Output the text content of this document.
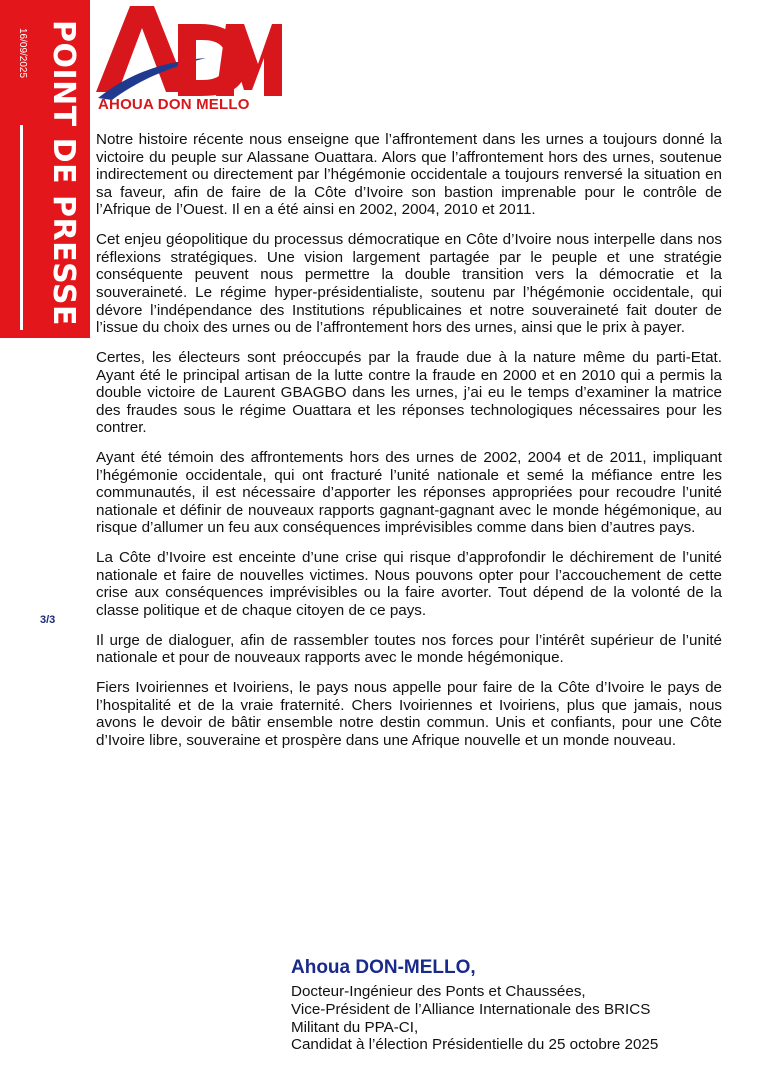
16/09/2025 POINT DE PRESSE
3/3
AHOUA DON MELLO

Notre histoire récente nous enseigne que l’affrontement dans les urnes a toujours donné la victoire du peuple sur Alassane Ouattara. Alors que l’affrontement hors des urnes, soutenue indirectement ou directement par l’hégémonie occidentale a toujours renversé la situation en sa faveur, afin de faire de la Côte d’Ivoire son bastion imprenable pour le contrôle de l’Afrique de l’Ouest. Il en a été ainsi en 2002, 2004, 2010 et 2011.

Cet enjeu géopolitique du processus démocratique en Côte d’Ivoire nous interpelle dans nos réflexions stratégiques. Une vision largement partagée par le peuple et une stratégie conséquente peuvent nous permettre la double transition vers la démocratie et la souveraineté. Le régime hyper-présidentialiste, soutenu par l’hégémonie occidentale, qui dévore l’indépendance des Institutions républicaines et notre souveraineté fait douter de l’issue du choix des urnes ou de l’affrontement hors des urnes, ainsi que le prix à payer.

Certes, les électeurs sont préoccupés par la fraude due à la nature même du parti-Etat. Ayant été le principal artisan de la lutte contre la fraude en 2000 et en 2010 qui a permis la double victoire de Laurent GBAGBO dans les urnes, j’ai eu le temps d’examiner la matrice des fraudes sous le régime Ouattara et les réponses technologiques nécessaires pour les contrer.

Ayant été témoin des affrontements hors des urnes de 2002, 2004 et de 2011, impliquant l’hégémonie occidentale, qui ont fracturé l’unité nationale et semé la méfiance entre les communautés, il est nécessaire d’apporter les réponses appropriées pour recoudre l’unité nationale et définir de nouveaux rapports gagnant-gagnant avec le monde hégémonique, au risque d’allumer un feu aux conséquences imprévisibles comme dans bien d’autres pays.

La Côte d’Ivoire est enceinte d’une crise qui risque d’approfondir le déchirement de l’unité nationale et faire de nouvelles victimes. Nous pouvons opter pour l’accouchement de cette crise aux conséquences imprévisibles ou la faire avorter. Tout dépend de la volonté de la classe politique et de chaque citoyen de ce pays.

Il urge de dialoguer, afin de rassembler toutes nos forces pour l’intérêt supérieur de l’unité nationale et pour de nouveaux rapports avec le monde hégémonique.

Fiers Ivoiriennes et Ivoiriens, le pays nous appelle pour faire de la Côte d’Ivoire le pays de l’hospitalité et de la vraie fraternité. Chers Ivoiriennes et Ivoiriens, plus que jamais, nous avons le devoir de bâtir ensemble notre destin commun. Unis et confiants, pour une Côte d’Ivoire libre, souveraine et prospère dans une Afrique nouvelle et un monde nouveau.

Ahoua DON-MELLO,

Docteur-Ingénieur des Ponts et Chaussées,

Vice-Président de l’Alliance Internationale des BRICS

Militant du PPA-CI,

Candidat à l’élection Présidentielle du 25 octobre 2025
